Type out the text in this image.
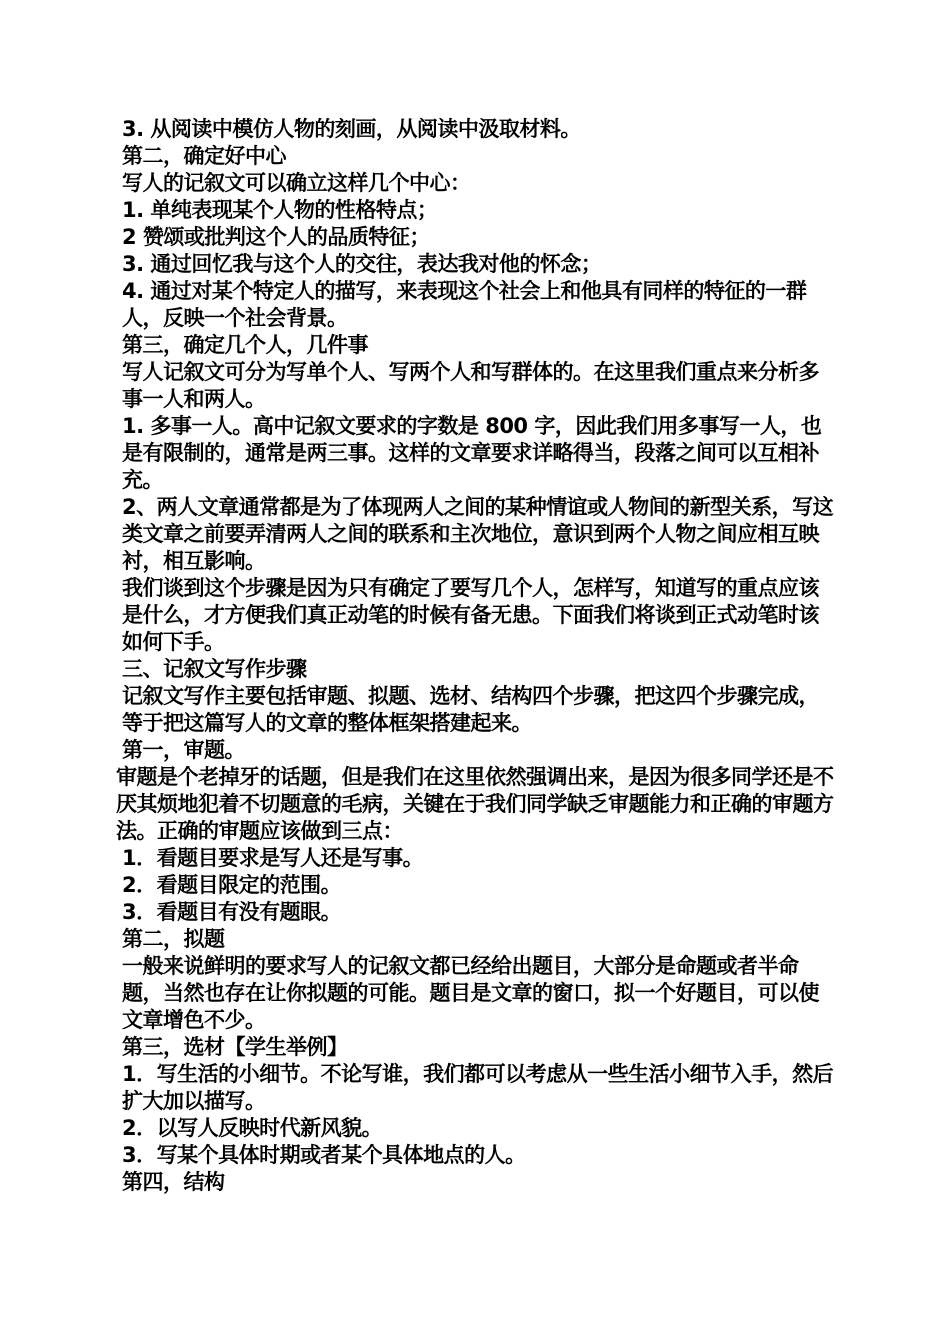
3. 从阅读中模仿人物的刻画，从阅读中汲取材料。

第二，确定好中心

写人的记叙文可以确立这样几个中心：

1. 单纯表现某个人物的性格特点；

2 赞颂或批判这个人的品质特征；

3. 通过回忆我与这个人的交往，表达我对他的怀念；

4. 通过对某个特定人的描写，来表现这个社会上和他具有同样的特征的一群人，反映一个社会背景。

第三，确定几个人，几件事

写人记叙文可分为写单个人、写两个人和写群体的。在这里我们重点来分析多事一人和两人。

1. 多事一人。高中记叙文要求的字数是 800 字，因此我们用多事写一人，也是有限制的，通常是两三事。这样的文章要求详略得当，段落之间可以互相补充。

2、两人文章通常都是为了体现两人之间的某种情谊或人物间的新型关系，写这类文章之前要弄清两人之间的联系和主次地位，意识到两个人物之间应相互映衬，相互影响。

我们谈到这个步骤是因为只有确定了要写几个人，怎样写，知道写的重点应该是什么，才方便我们真正动笔的时候有备无患。下面我们将谈到正式动笔时该如何下手。

三、记叙文写作步骤

记叙文写作主要包括审题、拟题、选材、结构四个步骤，把这四个步骤完成，等于把这篇写人的文章的整体框架搭建起来。

第一，审题。

审题是个老掉牙的话题，但是我们在这里依然强调出来，是因为很多同学还是不厌其烦地犯着不切题意的毛病，关键在于我们同学缺乏审题能力和正确的审题方法。正确的审题应该做到三点：

1．看题目要求是写人还是写事。

2．看题目限定的范围。

3．看题目有没有题眼。

第二，拟题

一般来说鲜明的要求写人的记叙文都已经给出题目，大部分是命题或者半命题，当然也存在让你拟题的可能。题目是文章的窗口，拟一个好题目，可以使文章增色不少。

第三，选材【学生举例】

1．写生活的小细节。不论写谁，我们都可以考虑从一些生活小细节入手，然后扩大加以描写。

2．以写人反映时代新风貌。

3．写某个具体时期或者某个具体地点的人。

第四，结构
